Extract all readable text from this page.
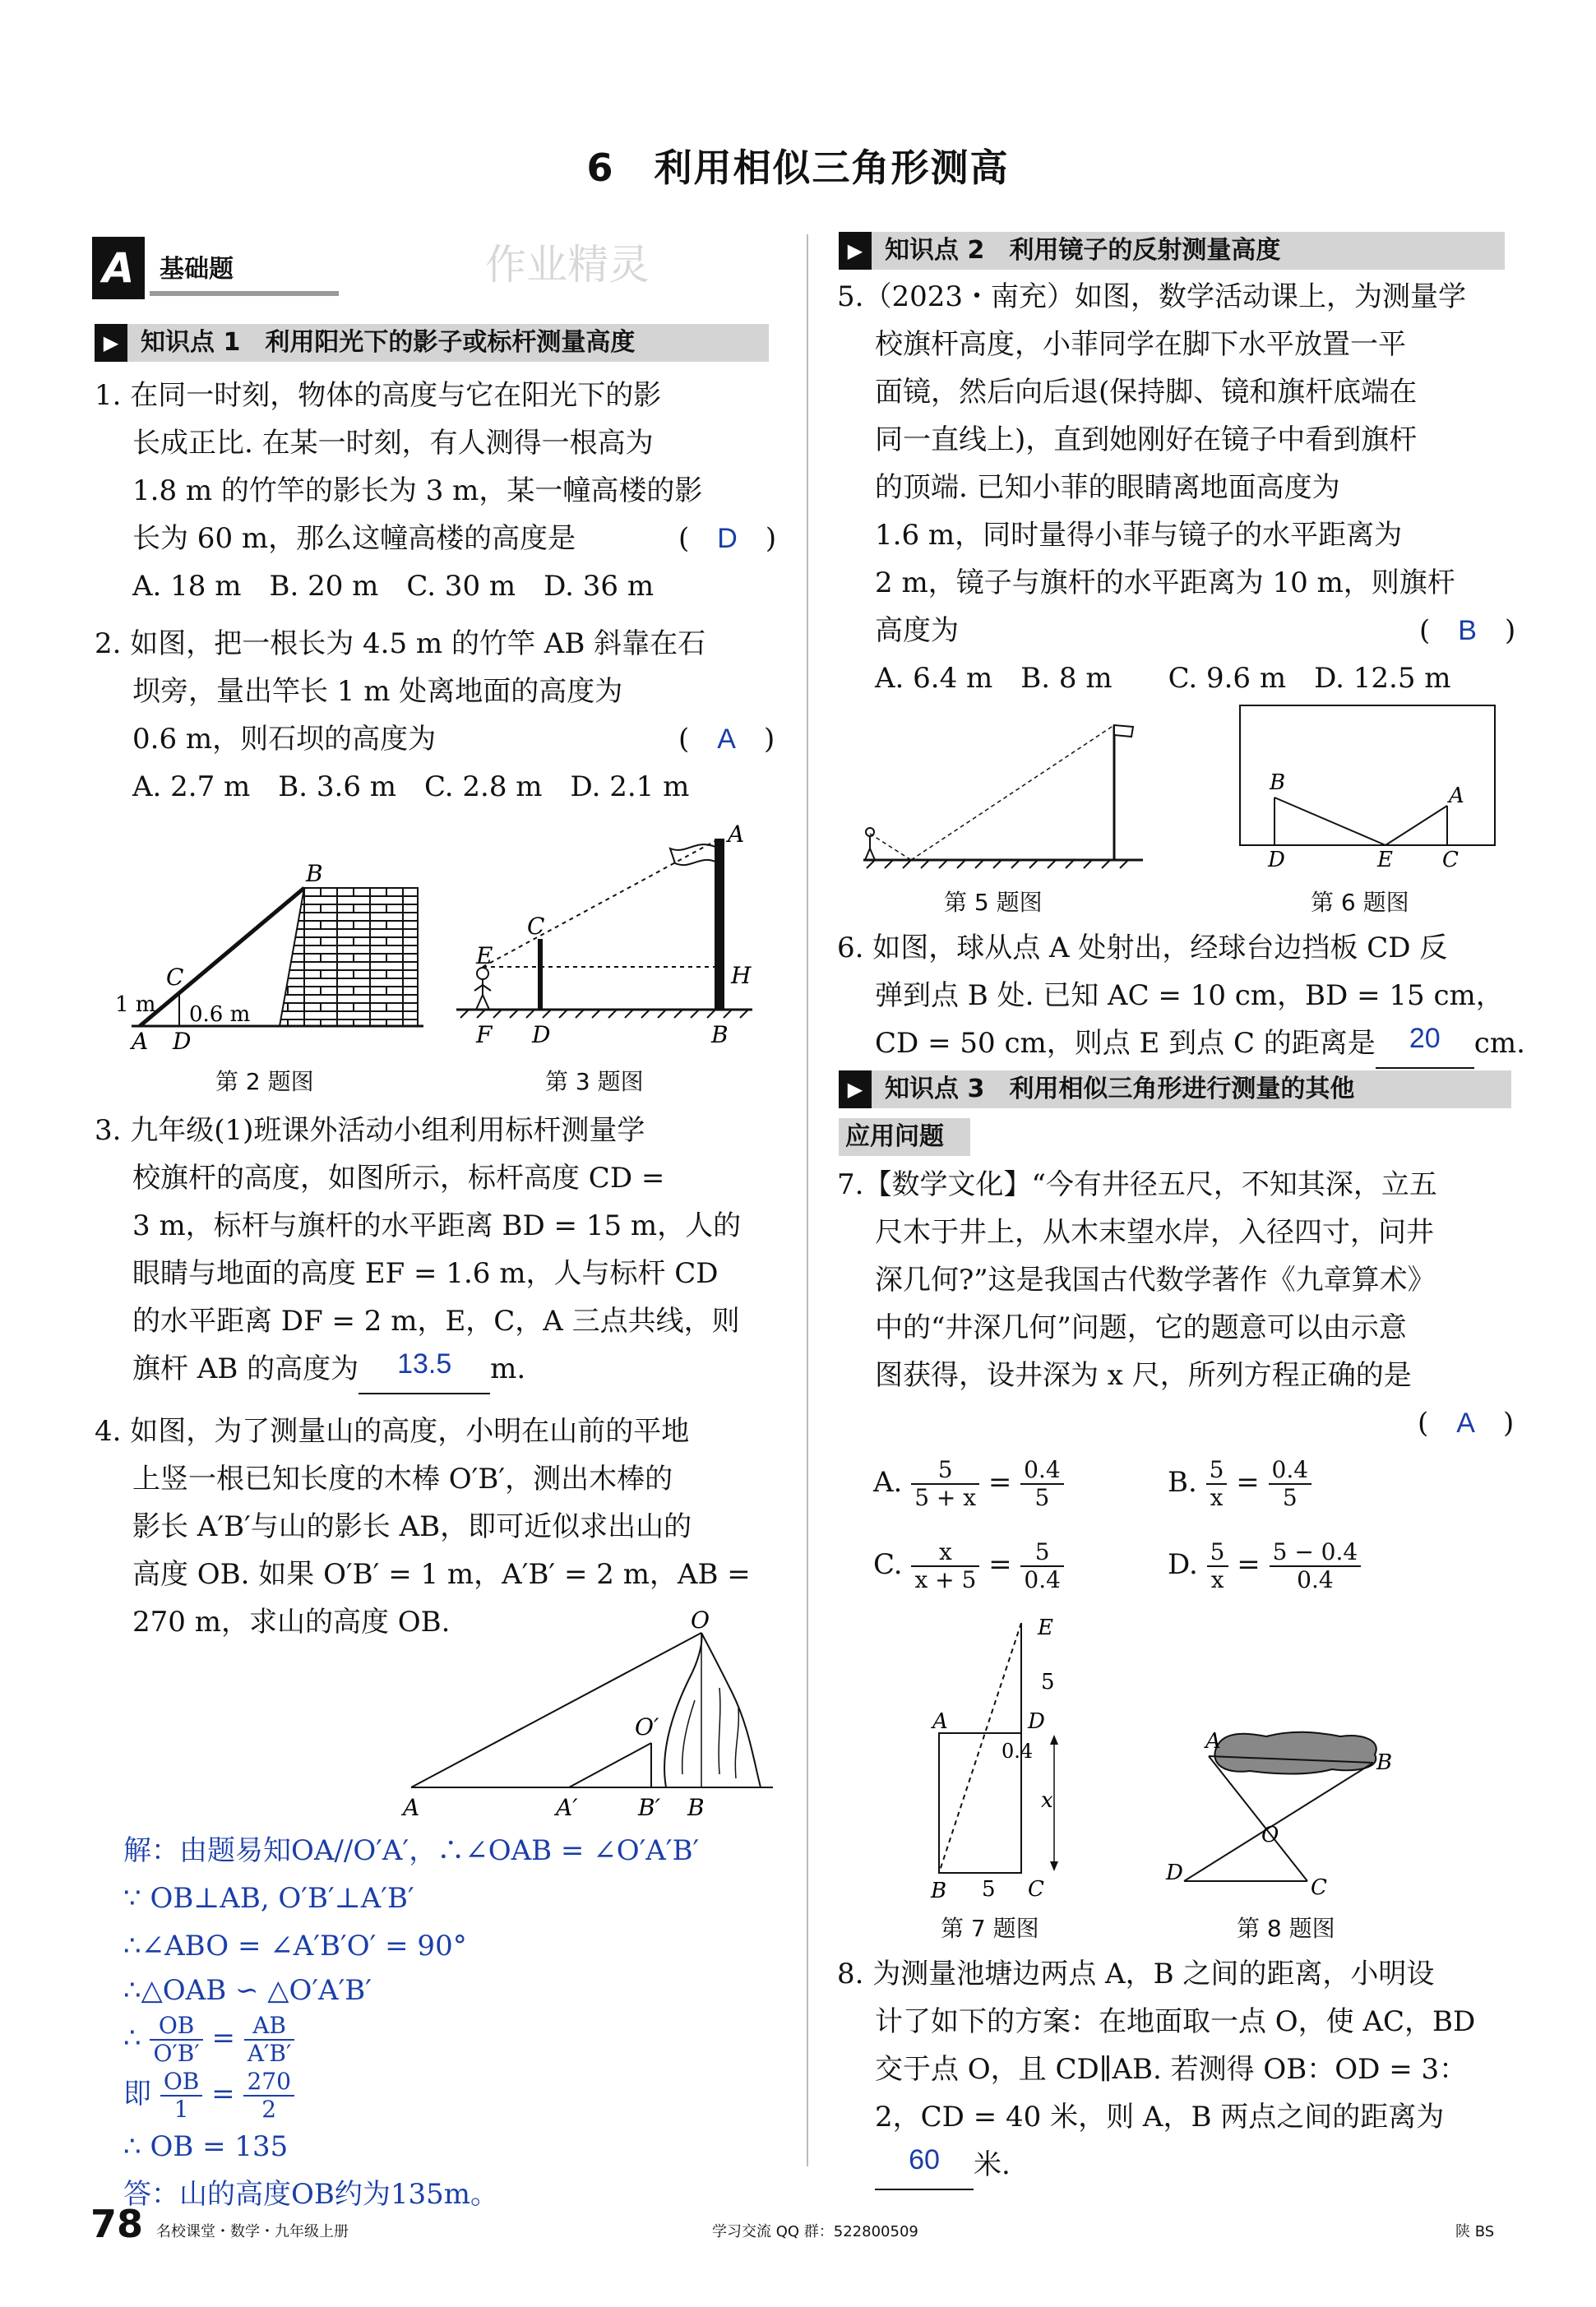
6　利用相似三角形测高
A	基础题	作业精灵
▶ 知识点 1　利用阳光下的影子或标杆测量高度
1. 在同一时刻，物体的高度与它在阳光下的影
长成正比. 在某一时刻，有人测得一根高为
1.8 m 的竹竿的影长为 3 m，某一幢高楼的影
长为 60 m，那么这幢高楼的高度是	(　D　)
A. 18 m　B. 20 m　C. 30 m　D. 36 m
2. 如图，把一根长为 4.5 m 的竹竿 AB 斜靠在石
坝旁，量出竿长 1 m 处离地面的高度为
0.6 m，则石坝的高度为	(　A　)
A. 2.7 m　B. 3.6 m　C. 2.8 m　D. 2.1 m
B
C
A D
1 m 0.6 m
A
C
E
H
F D	B
第 2 题图	第 3 题图
3. 九年级(1)班课外活动小组利用标杆测量学
校旗杆的高度，如图所示，标杆高度 CD =
3 m，标杆与旗杆的水平距离 BD = 15 m，人的
眼睛与地面的高度 EF = 1.6 m，人与标杆 CD
的水平距离 DF = 2 m，E，C，A 三点共线，则
旗杆 AB 的高度为 13.5 m.
4. 如图，为了测量山的高度，小明在山前的平地
上竖一根已知长度的木棒 O′B′，测出木棒的
影长 A′B′与山的影长 AB，即可近似求出山的
高度 OB. 如果 O′B′ = 1 m，A′B′ = 2 m，AB =
270 m，求山的高度 OB.	O
O′
A	A′	B′ B
解：由题易知OA//O′A′，∴∠OAB = ∠O′A′B′
∵ OB⊥AB, O′B′⊥A′B′
∴∠ABO = ∠A′B′O′ = 90°
∴△OAB ∽ △O′A′B′
∴ $\frac{OB}{O'B'} = \frac{AB}{A'B'}$
即 $\frac{OB}{1} = \frac{270}{2}$
∴ OB = 135
答：山的高度OB约为135m。
▶ 知识点 2　利用镜子的反射测量高度
5.（2023・南充）如图，数学活动课上，为测量学
校旗杆高度，小菲同学在脚下水平放置一平
面镜，然后向后退(保持脚、镜和旗杆底端在
同一直线上)，直到她刚好在镜子中看到旗杆
的顶端. 已知小菲的眼睛离地面高度为
1.6 m，同时量得小菲与镜子的水平距离为
2 m，镜子与旗杆的水平距离为 10 m，则旗杆
高度为	(　B　)
A. 6.4 m　B. 8 m　　C. 9.6 m　D. 12.5 m
B
A
D	E C
第 5 题图	第 6 题图
6. 如图，球从点 A 处射出，经球台边挡板 CD 反
弹到点 B 处. 已知 AC = 10 cm，BD = 15 cm，
CD = 50 cm，则点 E 到点 C 的距离是 20 cm.
▶ 知识点 3　利用相似三角形进行测量的其他
应用问题
7.【数学文化】“今有井径五尺，不知其深，立五
尺木于井上，从木末望水岸，入径四寸，问井
深几何?”这是我国古代数学著作《九章算术》
中的“井深几何”问题，它的题意可以由示意
图获得，设井深为 x 尺，所列方程正确的是
(　A　)

A. $\frac{5}{5 + x} = \frac{0.4}{5}$	B. $\frac{5}{x} = \frac{0.4}{5}$
C. $\frac{x}{x + 5} = \frac{5}{0.4}$	D. $\frac{5}{x} = \frac{5 - 0.4}{0.4}$
E
5
A	D
0.4
x
B 5 C
A
B
O
D
C
第 7 题图	第 8 题图
8. 为测量池塘边两点 A，B 之间的距离，小明设
计了如下的方案：在地面取一点 O，使 AC，BD
交于点 O，且 CD∥AB. 若测得 OB：OD = 3：
2，CD = 40 米，则 A，B 两点之间的距离为
60 米.
78 名校课堂・数学・九年级上册	学习交流 QQ 群：522800509	陕 BS
